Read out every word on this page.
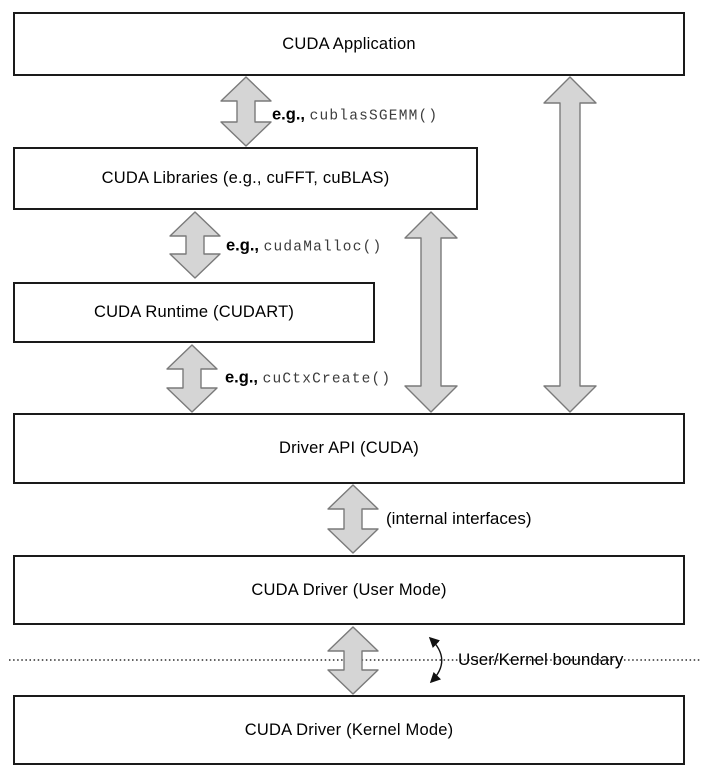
CUDA Application
CUDA Libraries (e.g., cuFFT, cuBLAS)
CUDA Runtime (CUDART)
Driver API (CUDA)
CUDA Driver (User Mode)
CUDA Driver (Kernel Mode)
e.g., cublasSGEMM()
e.g., cudaMalloc()
e.g., cuCtxCreate()
(internal interfaces)
User/Kernel boundary
